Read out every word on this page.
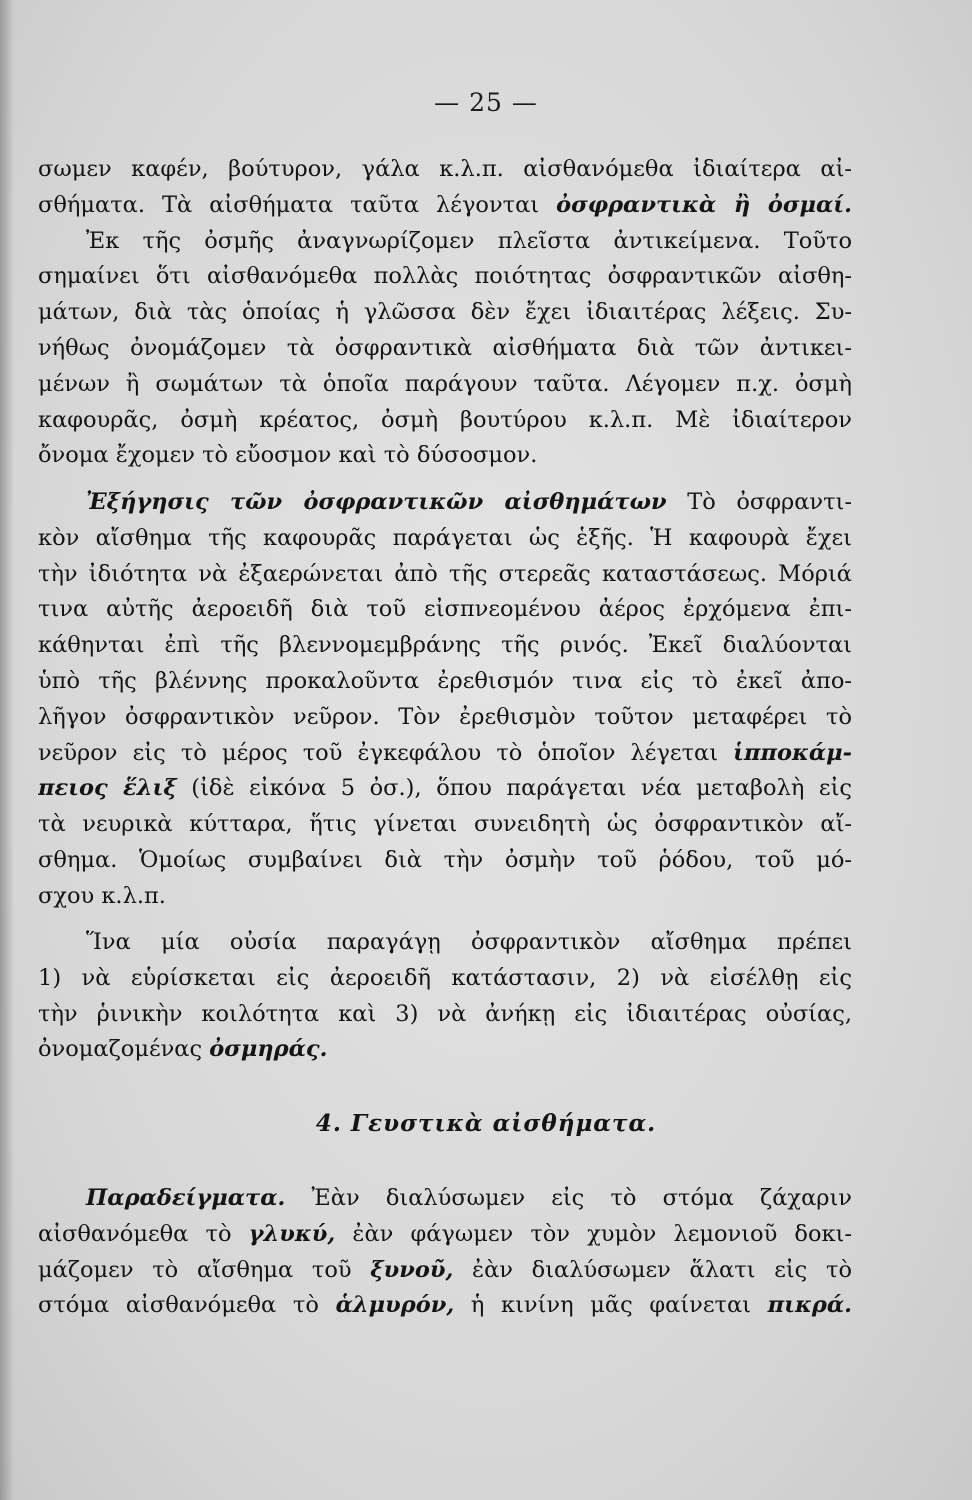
— 25 —
σωμεν καφέν, βούτυρον, γάλα κ.λ.π. αἰσθανόμεθα ἰδιαίτερα αἰ-
σθήματα. Τὰ αἰσθήματα ταῦτα λέγονται ὀσφραντικὰ ἢ ὀσμαί.
Ἐκ τῆς ὀσμῆς ἀναγνωρίζομεν πλεῖστα ἀντικείμενα. Τοῦτο
σημαίνει ὅτι αἰσθανόμεθα πολλὰς ποιότητας ὀσφραντικῶν αἰσθη-
μάτων, διὰ τὰς ὁποίας ἡ γλῶσσα δὲν ἔχει ἰδιαιτέρας λέξεις. Συ-
νήθως ὀνομάζομεν τὰ ὀσφραντικὰ αἰσθήματα διὰ τῶν ἀντικει-
μένων ἢ σωμάτων τὰ ὁποῖα παράγουν ταῦτα. Λέγομεν π.χ. ὀσμὴ
καφουρᾶς, ὀσμὴ κρέατος, ὀσμὴ βουτύρου κ.λ.π. Μὲ ἰδιαίτερον
ὄνομα ἔχομεν τὸ εὔοσμον καὶ τὸ δύσοσμον.
Ἐξήγησις τῶν ὀσφραντικῶν αἰσθημάτων Τὸ ὀσφραντι-
κὸν αἴσθημα τῆς καφουρᾶς παράγεται ὡς ἑξῆς. Ἡ καφουρὰ ἔχει
τὴν ἰδιότητα νὰ ἐξαερώνεται ἀπὸ τῆς στερεᾶς καταστάσεως. Μόριά
τινα αὐτῆς ἀεροειδῆ διὰ τοῦ εἰσπνεομένου ἀέρος ἐρχόμενα ἐπι-
κάθηνται ἐπὶ τῆς βλεννομεμβράνης τῆς ρινός. Ἐκεῖ διαλύονται
ὑπὸ τῆς βλέννης προκαλοῦντα ἐρεθισμόν τινα εἰς τὸ ἐκεῖ ἀπο-
λῆγον ὀσφραντικὸν νεῦρον. Τὸν ἐρεθισμὸν τοῦτον μεταφέρει τὸ
νεῦρον εἰς τὸ μέρος τοῦ ἐγκεφάλου τὸ ὁποῖον λέγεται ἱπποκάμ-
πειος ἕλιξ (ἰδὲ εἰκόνα 5 ὀσ.), ὅπου παράγεται νέα μεταβολὴ εἰς
τὰ νευρικὰ κύτταρα, ἥτις γίνεται συνειδητὴ ὡς ὀσφραντικὸν αἴ-
σθημα. Ὁμοίως συμβαίνει διὰ τὴν ὀσμὴν τοῦ ῥόδου, τοῦ μό-
σχου κ.λ.π.
Ἵνα μία οὐσία παραγάγῃ ὀσφραντικὸν αἴσθημα πρέπει
1) νὰ εὑρίσκεται εἰς ἀεροειδῆ κατάστασιν, 2) νὰ εἰσέλθῃ εἰς
τὴν ῥινικὴν κοιλότητα καὶ 3) νὰ ἀνήκῃ εἰς ἰδιαιτέρας οὐσίας,
ὀνομαζομένας ὀσμηράς.
4. Γευστικὰ αἰσθήματα.
Παραδείγματα. Ἐὰν διαλύσωμεν εἰς τὸ στόμα ζάχαριν
αἰσθανόμεθα τὸ γλυκύ, ἐὰν φάγωμεν τὸν χυμὸν λεμονιοῦ δοκι-
μάζομεν τὸ αἴσθημα τοῦ ξυνοῦ, ἐὰν διαλύσωμεν ἅλατι εἰς τὸ
στόμα αἰσθανόμεθα τὸ ἁλμυρόν, ἡ κινίνη μᾶς φαίνεται πικρά.
